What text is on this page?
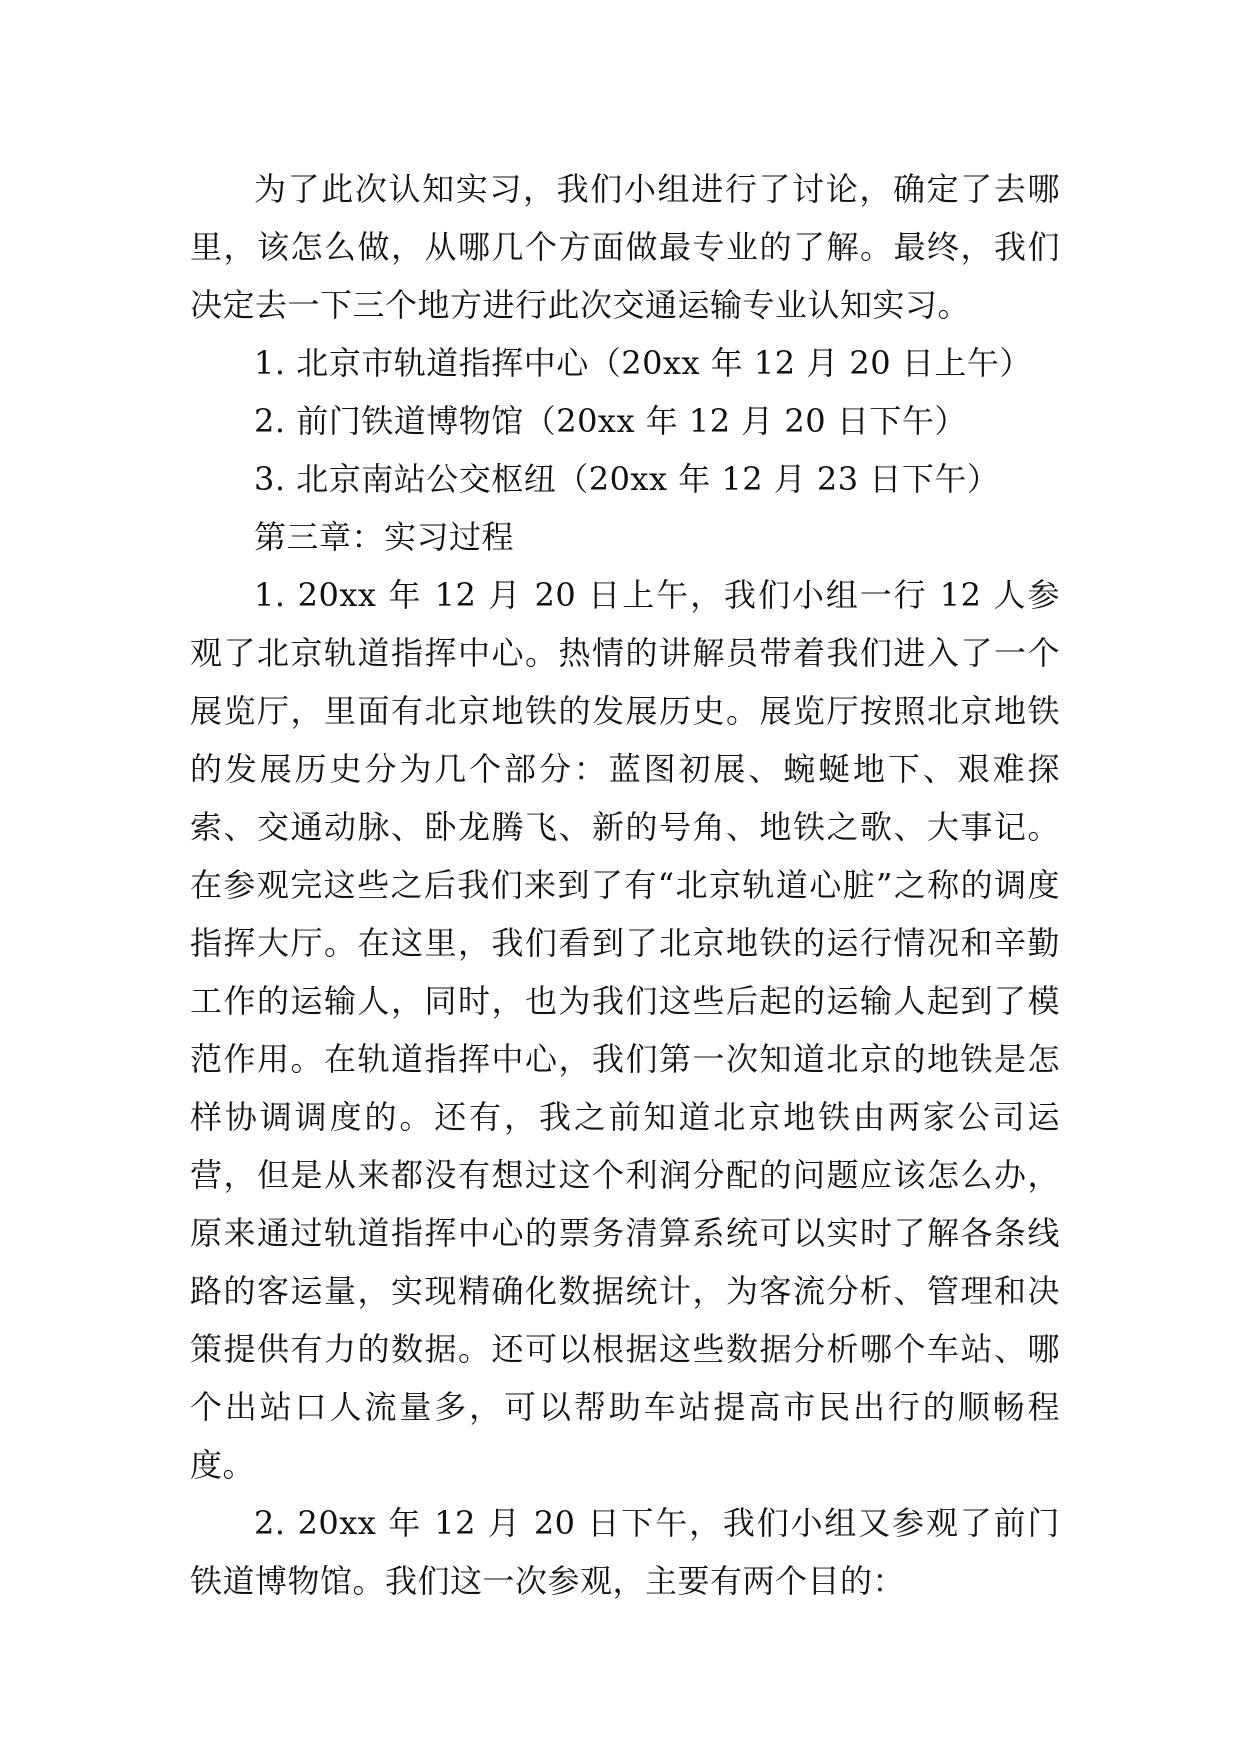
为了此次认知实习，我们小组进行了讨论，确定了去哪里，该怎么做，从哪几个方面做最专业的了解。最终，我们决定去一下三个地方进行此次交通运输专业认知实习。

1. 北京市轨道指挥中心（20xx 年 12 月 20 日上午）

2. 前门铁道博物馆（20xx 年 12 月 20 日下午）

3. 北京南站公交枢纽（20xx 年 12 月 23 日下午）

第三章：实习过程

1. 20xx 年 12 月 20 日上午，我们小组一行 12 人参观了北京轨道指挥中心。热情的讲解员带着我们进入了一个展览厅，里面有北京地铁的发展历史。展览厅按照北京地铁的发展历史分为几个部分：蓝图初展、蜿蜒地下、艰难探索、交通动脉、卧龙腾飞、新的号角、地铁之歌、大事记。在参观完这些之后我们来到了有“北京轨道心脏”之称的调度指挥大厅。在这里，我们看到了北京地铁的运行情况和辛勤工作的运输人，同时，也为我们这些后起的运输人起到了模范作用。在轨道指挥中心，我们第一次知道北京的地铁是怎样协调调度的。还有，我之前知道北京地铁由两家公司运营，但是从来都没有想过这个利润分配的问题应该怎么办，原来通过轨道指挥中心的票务清算系统可以实时了解各条线路的客运量，实现精确化数据统计，为客流分析、管理和决策提供有力的数据。还可以根据这些数据分析哪个车站、哪个出站口人流量多，可以帮助车站提高市民出行的顺畅程度。

2. 20xx 年 12 月 20 日下午，我们小组又参观了前门铁道博物馆。我们这一次参观，主要有两个目的：
